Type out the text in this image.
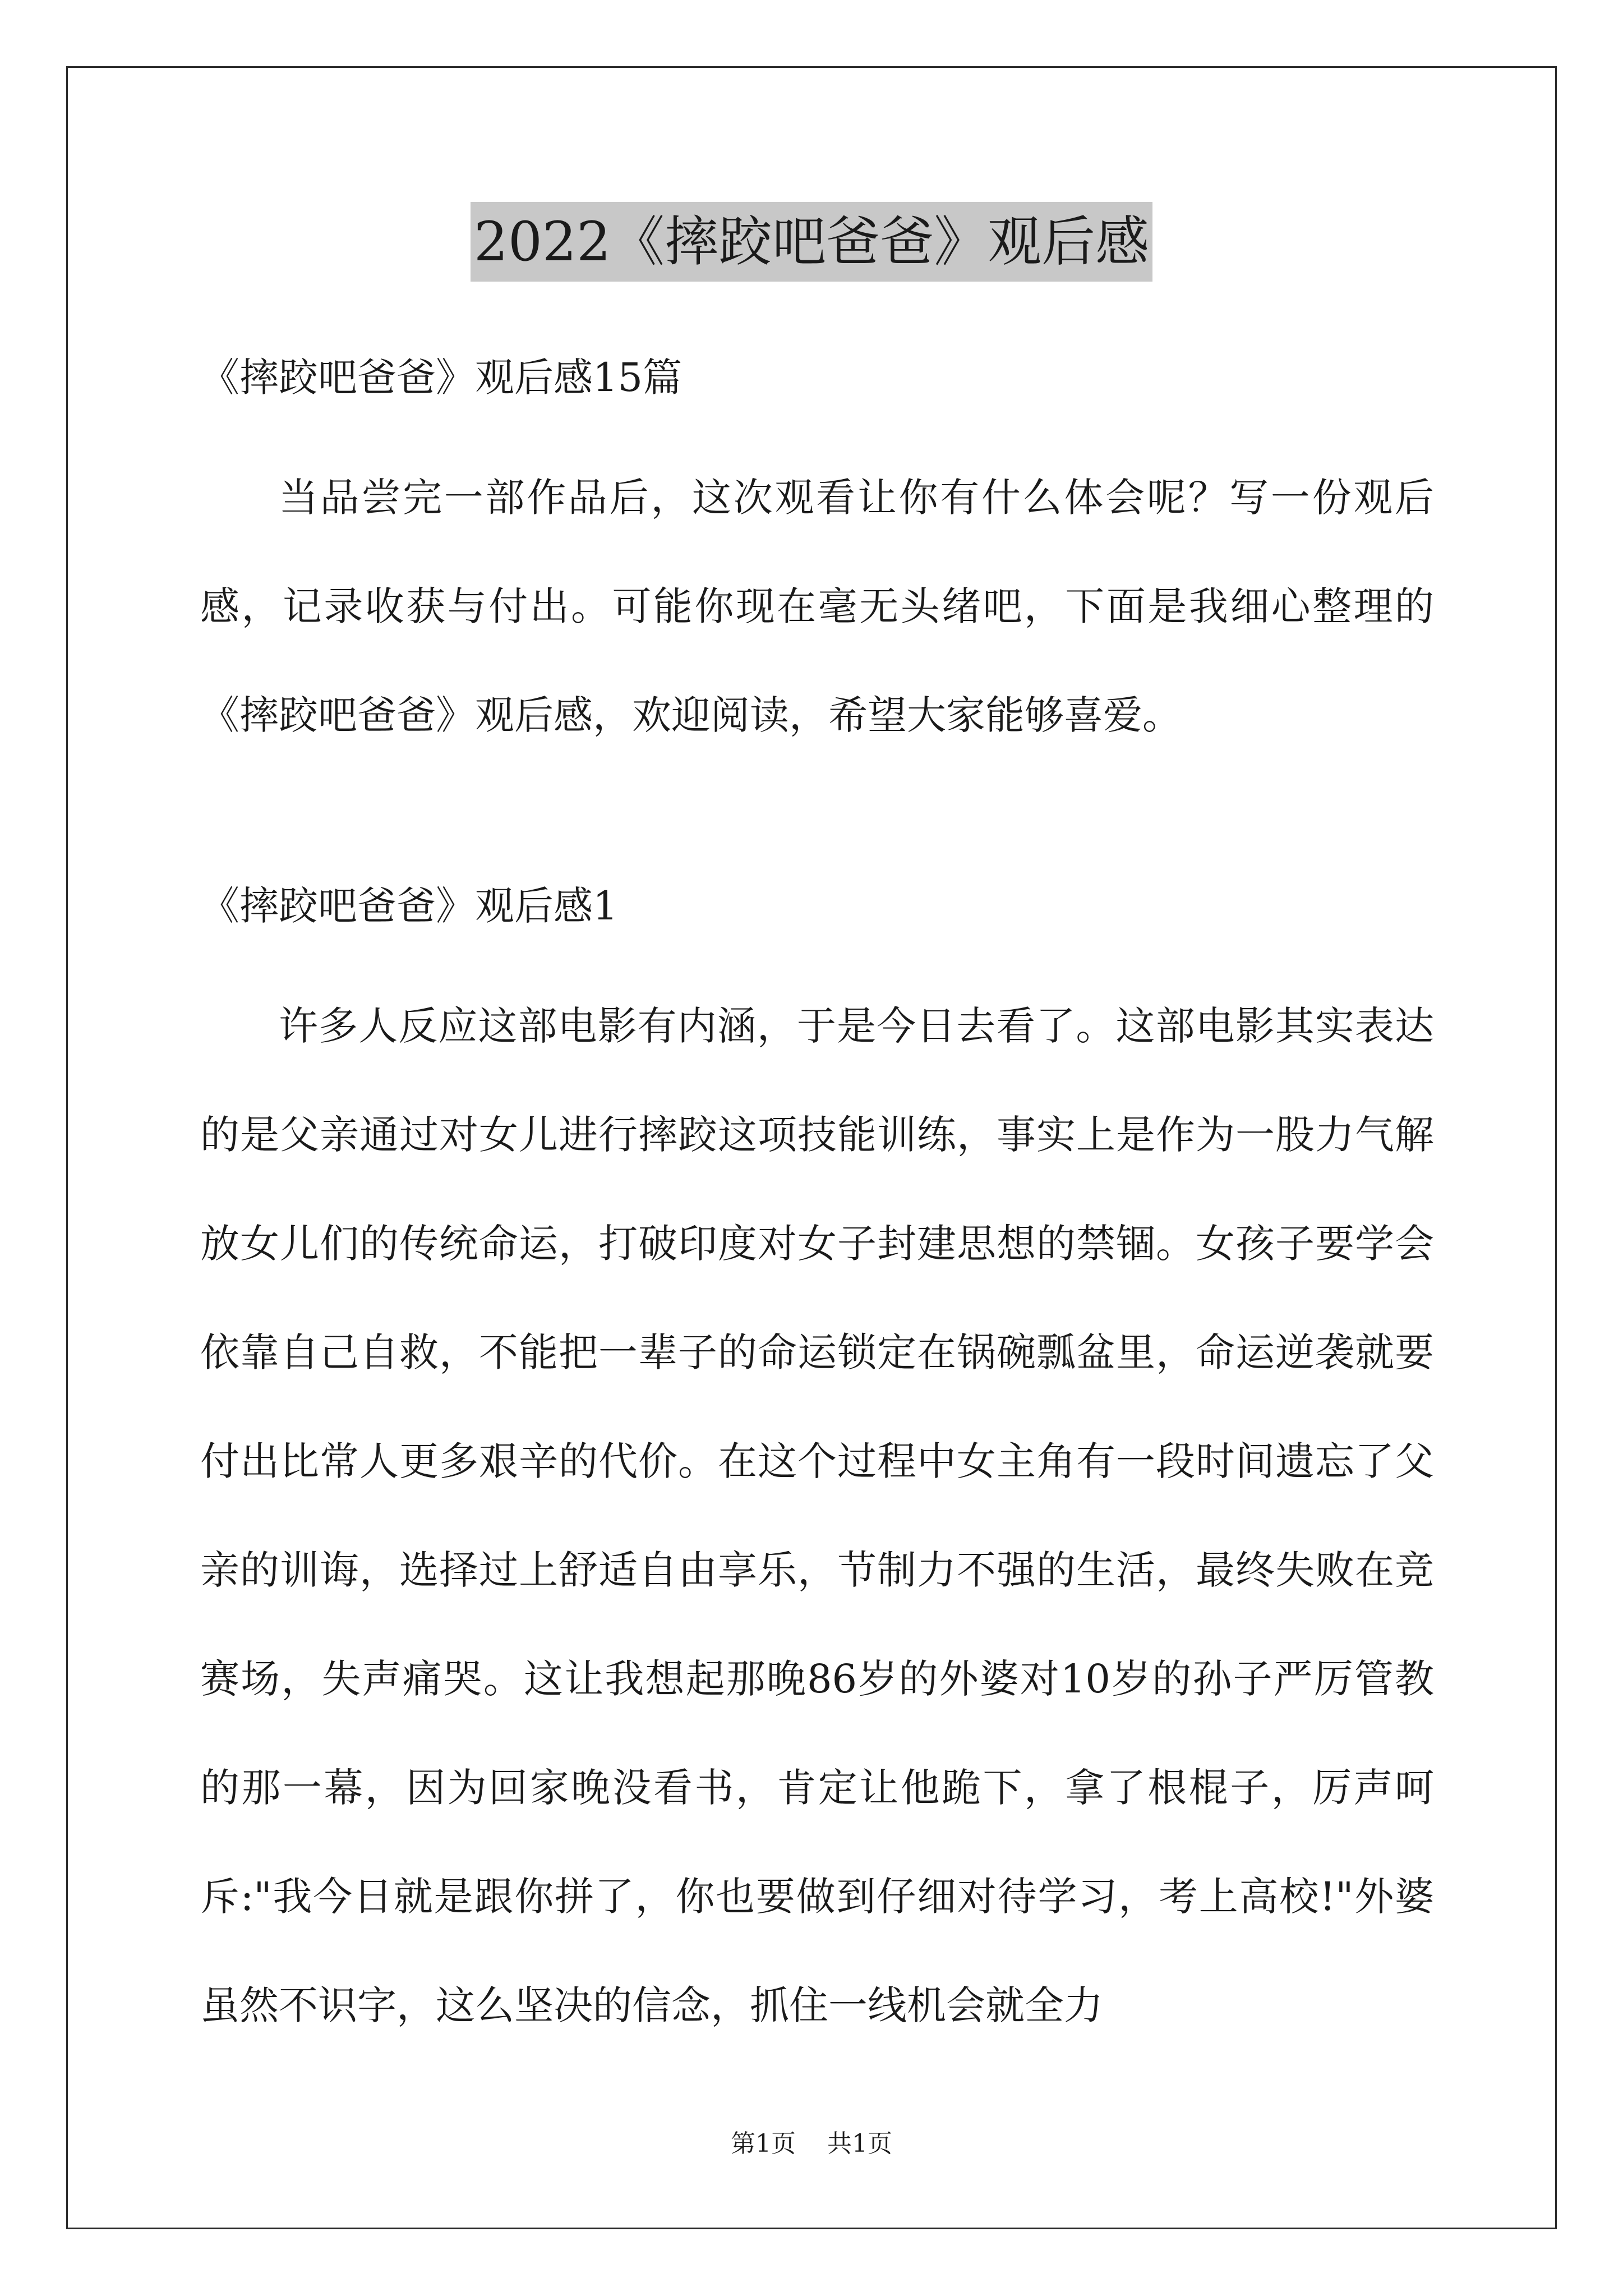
2022《摔跤吧爸爸》观后感

《摔跤吧爸爸》观后感15篇

当品尝完一部作品后，这次观看让你有什么体会呢？写一份观后感，记录收获与付出。可能你现在毫无头绪吧，下面是我细心整理的《摔跤吧爸爸》观后感，欢迎阅读，希望大家能够喜爱。

《摔跤吧爸爸》观后感1

许多人反应这部电影有内涵，于是今日去看了。这部电影其实表达的是父亲通过对女儿进行摔跤这项技能训练，事实上是作为一股力气解放女儿们的传统命运，打破印度对女子封建思想的禁锢。女孩子要学会依靠自己自救，不能把一辈子的命运锁定在锅碗瓢盆里，命运逆袭就要付出比常人更多艰辛的代价。在这个过程中女主角有一段时间遗忘了父亲的训诲，选择过上舒适自由享乐，节制力不强的生活，最终失败在竞赛场，失声痛哭。这让我想起那晚86岁的外婆对10岁的孙子严厉管教的那一幕，因为回家晚没看书，肯定让他跪下，拿了根棍子，厉声呵斥:"我今日就是跟你拼了，你也要做到仔细对待学习，考上高校!"外婆虽然不识字，这么坚决的信念，抓住一线机会就全力

第1页 共1页
